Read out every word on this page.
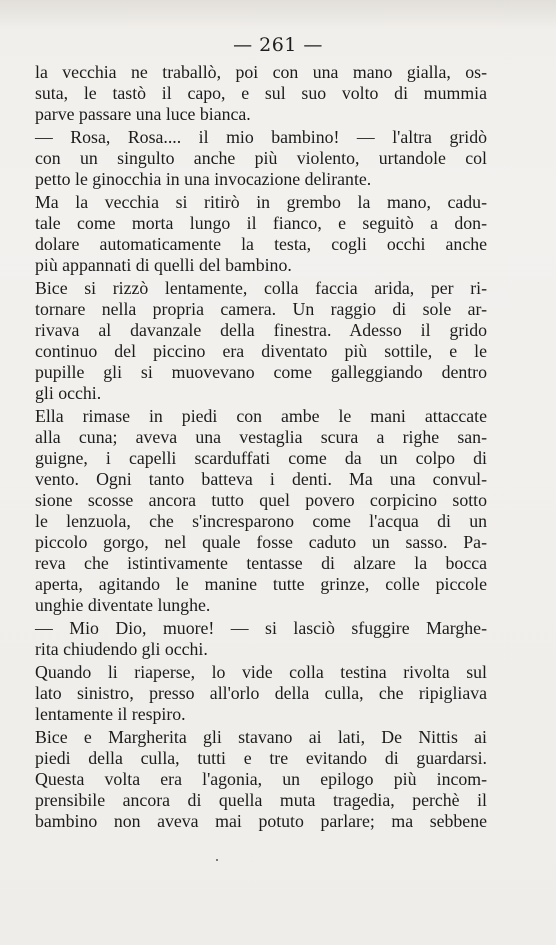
— 261 —
la vecchia ne traballò, poi con una mano gialla, os-
suta, le tastò il capo, e sul suo volto di mummia
parve passare una luce bianca.
— Rosa, Rosa.... il mio bambino! — l'altra gridò
con un singulto anche più violento, urtandole col
petto le ginocchia in una invocazione delirante.
Ma la vecchia si ritirò in grembo la mano, cadu-
tale come morta lungo il fianco, e seguitò a don-
dolare automaticamente la testa, cogli occhi anche
più appannati di quelli del bambino.
Bice si rizzò lentamente, colla faccia arida, per ri-
tornare nella propria camera. Un raggio di sole ar-
rivava al davanzale della finestra. Adesso il grido
continuo del piccino era diventato più sottile, e le
pupille gli si muovevano come galleggiando dentro
gli occhi.
Ella rimase in piedi con ambe le mani attaccate
alla cuna; aveva una vestaglia scura a righe san-
guigne, i capelli scarduffati come da un colpo di
vento. Ogni tanto batteva i denti. Ma una convul-
sione scosse ancora tutto quel povero corpicino sotto
le lenzuola, che s'incresparono come l'acqua di un
piccolo gorgo, nel quale fosse caduto un sasso. Pa-
reva che istintivamente tentasse di alzare la bocca
aperta, agitando le manine tutte grinze, colle piccole
unghie diventate lunghe.
— Mio Dio, muore! — si lasciò sfuggire Marghe-
rita chiudendo gli occhi.
Quando li riaperse, lo vide colla testina rivolta sul
lato sinistro, presso all'orlo della culla, che ripigliava
lentamente il respiro.
Bice e Margherita gli stavano ai lati, De Nittis ai
piedi della culla, tutti e tre evitando di guardarsi.
Questa volta era l'agonia, un epilogo più incom-
prensibile ancora di quella muta tragedia, perchè il
bambino non aveva mai potuto parlare; ma sebbene
